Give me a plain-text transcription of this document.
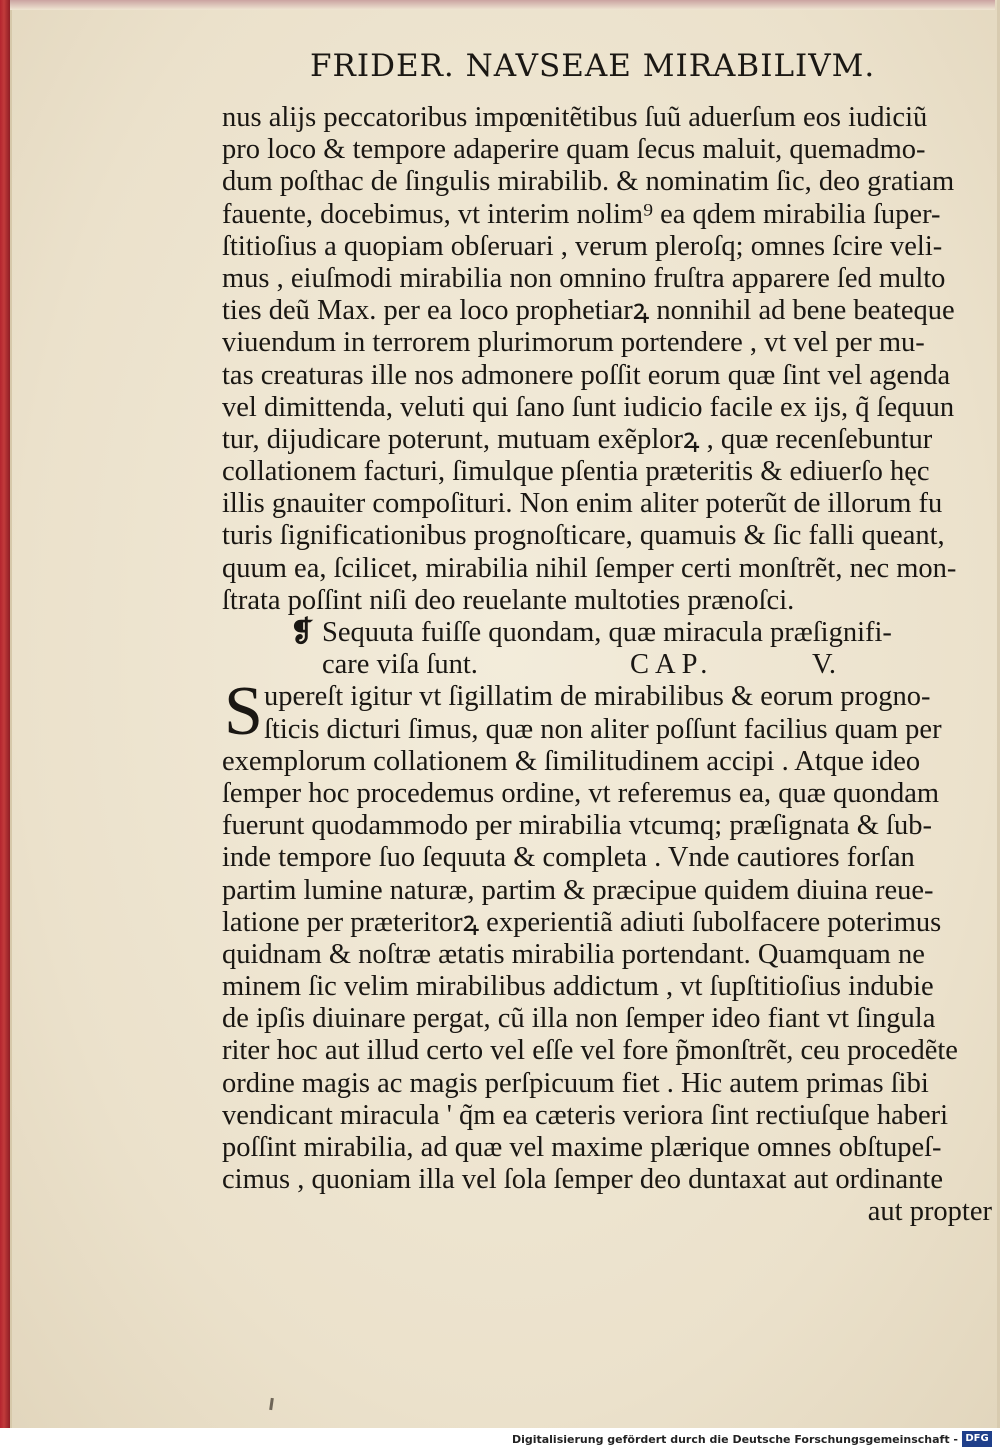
FRIDER. NAVSEAE MIRABILIVM.
nus alijs peccatoribus impœnitẽtibus ſuũ aduerſum eos iudiciũ
pro loco & tempore adaperire quam ſecus maluit, quemadmo-
dum poſthac de ſingulis mirabilib. & nominatim ſic, deo gratiam
fauente, docebimus, vt interim nolim⁹ ea qdem mirabilia ſuper-
ſtitioſius a quopiam obſeruari , verum pleroſq; omnes ſcire veli-
mus , eiuſmodi mirabilia non omnino fruſtra apparere ſed multo
ties deũ Max. per ea loco prophetiarꝝ nonnihil ad bene beateque
viuendum in terrorem plurimorum portendere , vt vel per mu-
tas creaturas ille nos admonere poſſit eorum quæ ſint vel agenda
vel dimittenda, veluti qui ſano ſunt iudicio facile ex ijs, q̃ ſequun
tur, dijudicare poterunt, mutuam exẽplorꝝ , quæ recenſebuntur
collationem facturi, ſimulque pſentia præteritis & ediuerſo hęc
illis gnauiter compoſituri. Non enim aliter poterũt de illorum fu
turis ſignificationibus prognoſticare, quamuis & ſic falli queant,
quum ea, ſcilicet, mirabilia nihil ſemper certi monſtrẽt, nec mon-
ſtrata poſſint niſi deo reuelante multoties prænoſci.
❡ Sequuta fuiſſe quondam, quæ miracula præſignifi-
care viſa ſunt.	CAP.	V.
S upereſt igitur vt ſigillatim de mirabilibus & eorum progno-
ſticis dicturi ſimus, quæ non aliter poſſunt facilius quam per
exemplorum collationem & ſimilitudinem accipi . Atque ideo
ſemper hoc procedemus ordine, vt referemus ea, quæ quondam
fuerunt quodammodo per mirabilia vtcumq; præſignata & ſub-
inde tempore ſuo ſequuta & completa . Vnde cautiores forſan
partim lumine naturæ, partim & præcipue quidem diuina reue-
latione per præteritorꝝ experientiã adiuti ſubolfacere poterimus
quidnam & noſtræ ætatis mirabilia portendant. Quamquam ne
minem ſic velim mirabilibus addictum , vt ſupſtitioſius indubie
de ipſis diuinare pergat, cũ illa non ſemper ideo fiant vt ſingula
riter hoc aut illud certo vel eſſe vel fore p̃monſtrẽt, ceu procedẽte
ordine magis ac magis perſpicuum fiet . Hic autem primas ſibi
vendicant miracula ' q̃m ea cæteris veriora ſint rectiuſque haberi
poſſint mirabilia, ad quæ vel maxime plærique omnes obſtupeſ-
cimus , quoniam illa vel ſola ſemper deo duntaxat aut ordinante
aut propter
Digitalisierung gefördert durch die Deutsche Forschungsgemeinschaft - DFG
